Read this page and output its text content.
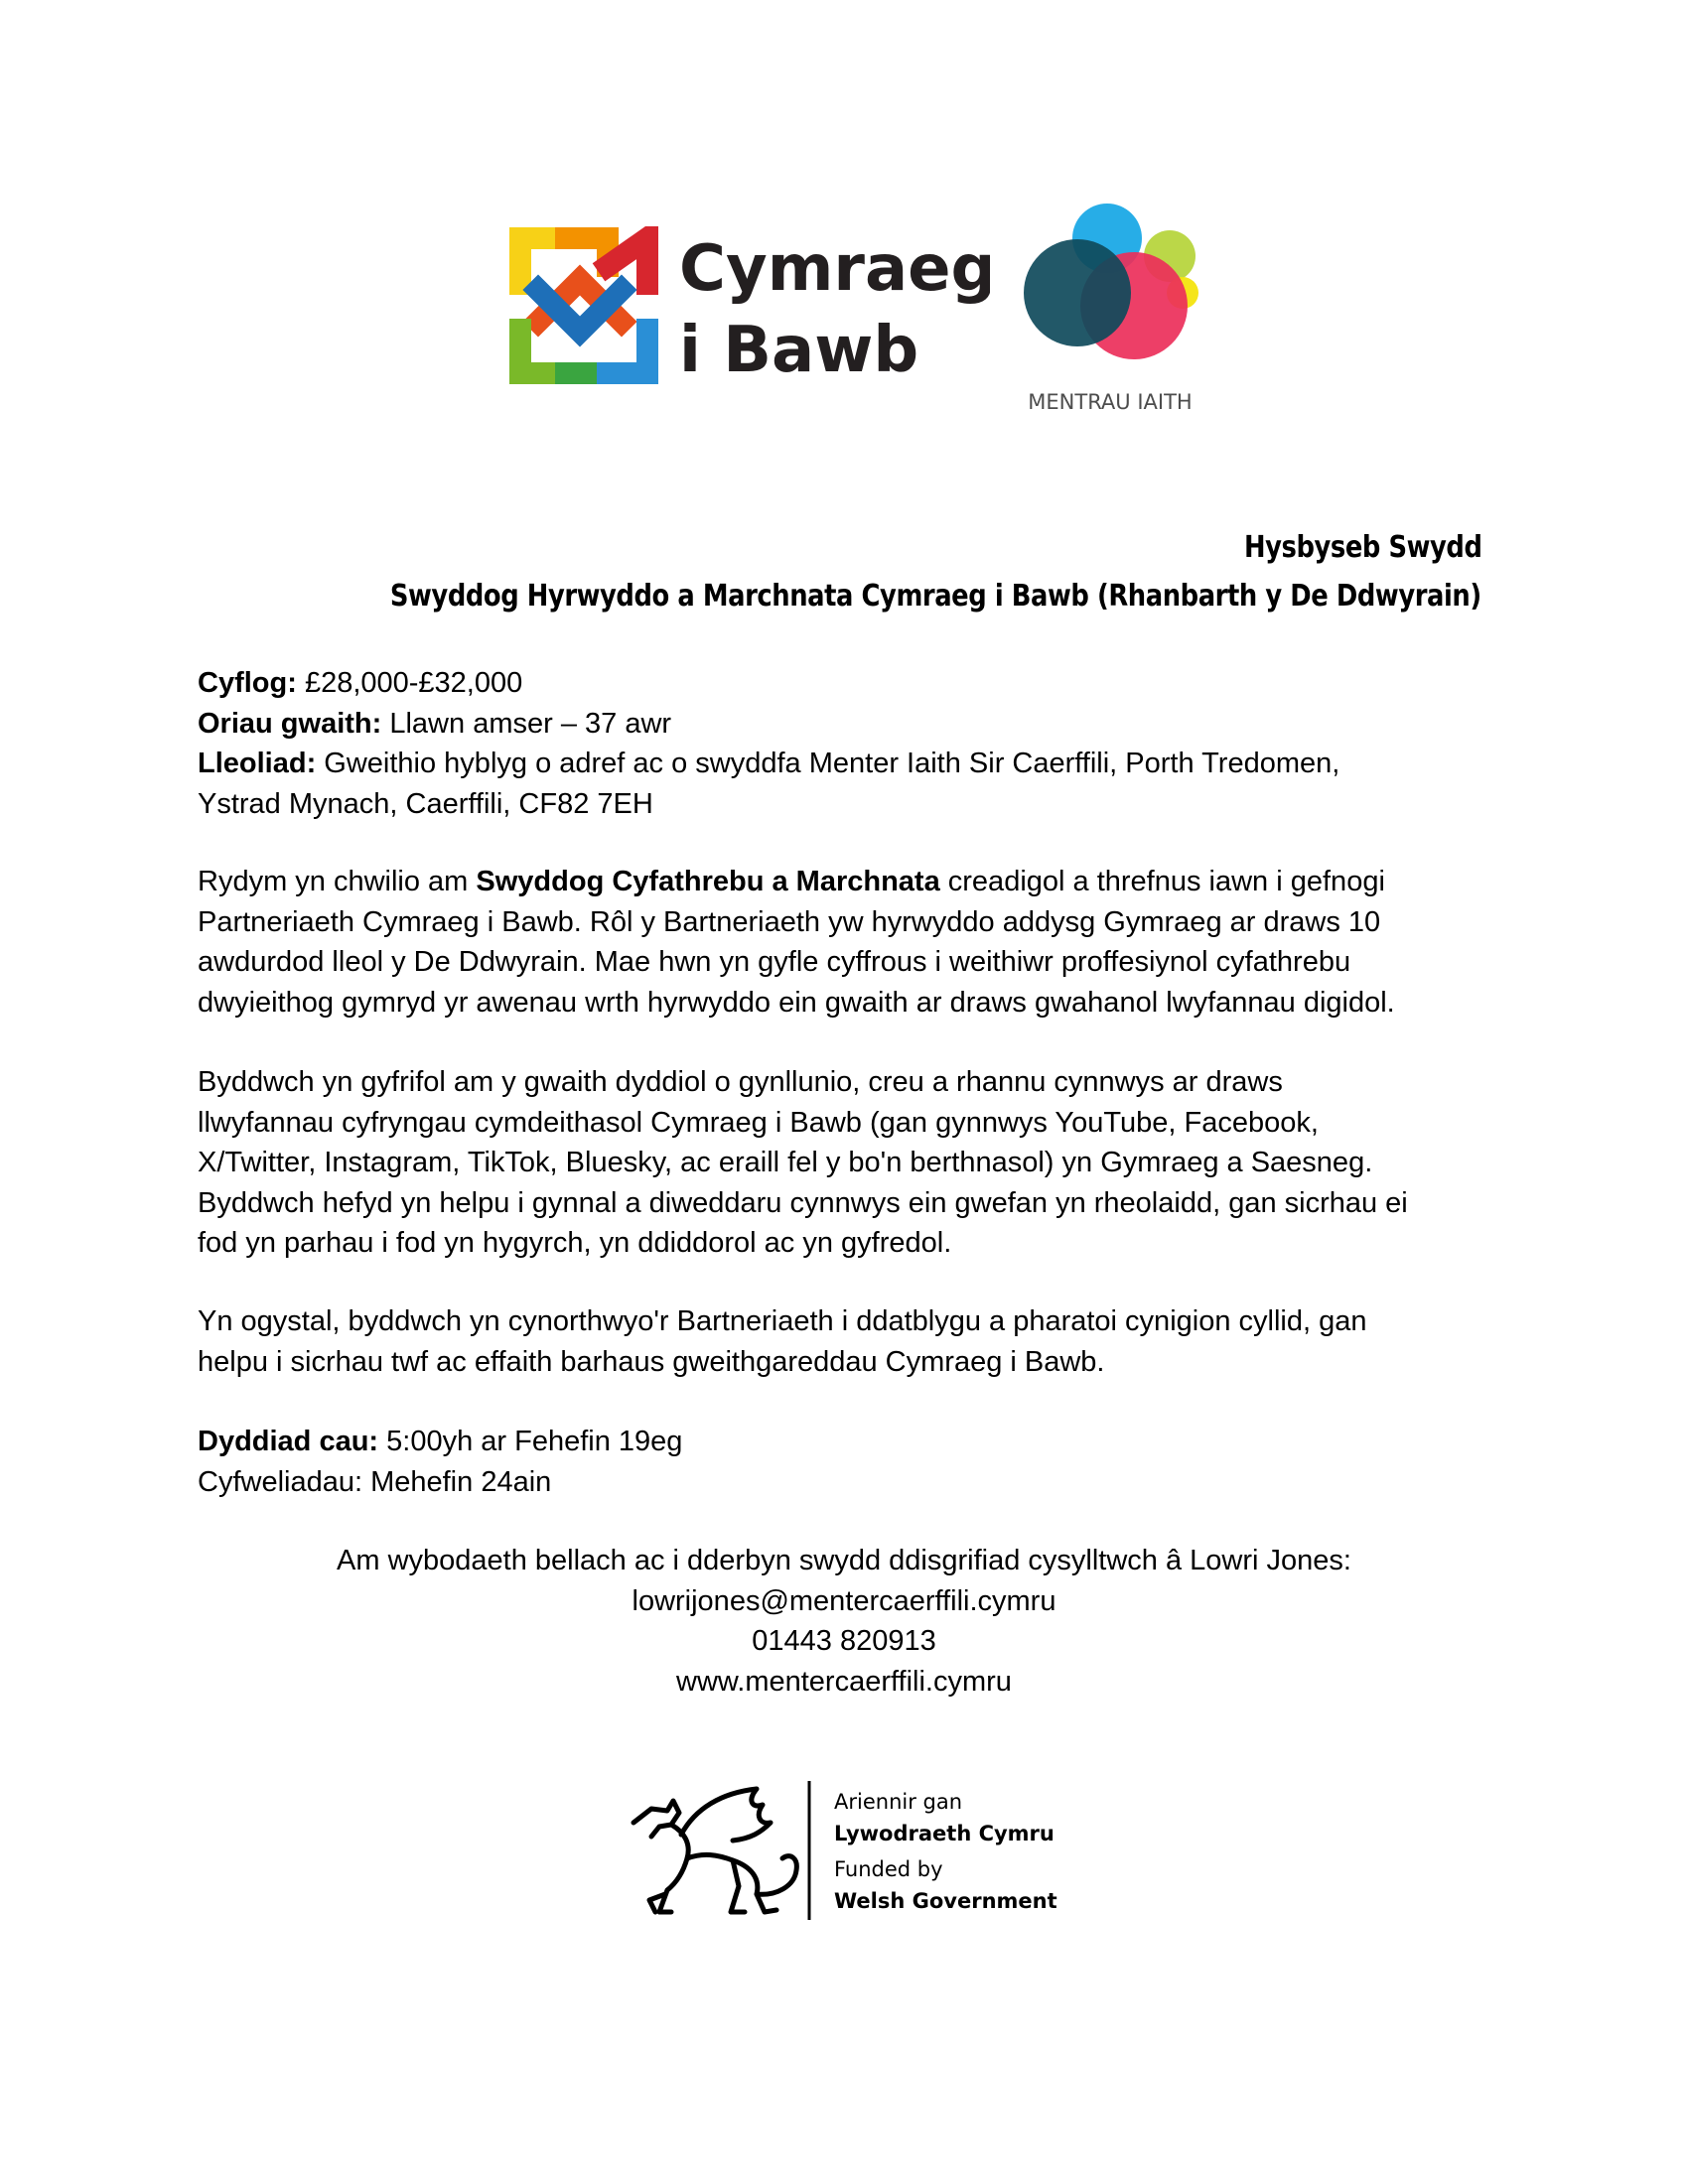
Cymraeg
i Bawb
MENTRAU IAITH
Hysbyseb Swydd
Swyddog Hyrwyddo a Marchnata Cymraeg i Bawb (Rhanbarth y De Ddwyrain)

Cyflog: £28,000-£32,000

Oriau gwaith: Llawn amser – 37 awr

Lleoliad: Gweithio hyblyg o adref ac o swyddfa Menter Iaith Sir Caerffili, Porth Tredomen,

Ystrad Mynach, Caerffili, CF82 7EH

Rydym yn chwilio am Swyddog Cyfathrebu a Marchnata creadigol a threfnus iawn i gefnogi

Partneriaeth Cymraeg i Bawb. Rôl y Bartneriaeth yw hyrwyddo addysg Gymraeg ar draws 10

awdurdod lleol y De Ddwyrain. Mae hwn yn gyfle cyffrous i weithiwr proffesiynol cyfathrebu

dwyieithog gymryd yr awenau wrth hyrwyddo ein gwaith ar draws gwahanol lwyfannau digidol.

Byddwch yn gyfrifol am y gwaith dyddiol o gynllunio, creu a rhannu cynnwys ar draws

llwyfannau cyfryngau cymdeithasol Cymraeg i Bawb (gan gynnwys YouTube, Facebook,

X/Twitter, Instagram, TikTok, Bluesky, ac eraill fel y bo'n berthnasol) yn Gymraeg a Saesneg.

Byddwch hefyd yn helpu i gynnal a diweddaru cynnwys ein gwefan yn rheolaidd, gan sicrhau ei

fod yn parhau i fod yn hygyrch, yn ddiddorol ac yn gyfredol.

Yn ogystal, byddwch yn cynorthwyo'r Bartneriaeth i ddatblygu a pharatoi cynigion cyllid, gan

helpu i sicrhau twf ac effaith barhaus gweithgareddau Cymraeg i Bawb.

Dyddiad cau: 5:00yh ar Fehefin 19eg

Cyfweliadau: Mehefin 24ain

Am wybodaeth bellach ac i dderbyn swydd ddisgrifiad cysylltwch â Lowri Jones:

lowrijones@mentercaerffili.cymru

01443 820913

www.mentercaerffili.cymru

Ariennir gan
Lywodraeth Cymru
Funded by
Welsh Government
